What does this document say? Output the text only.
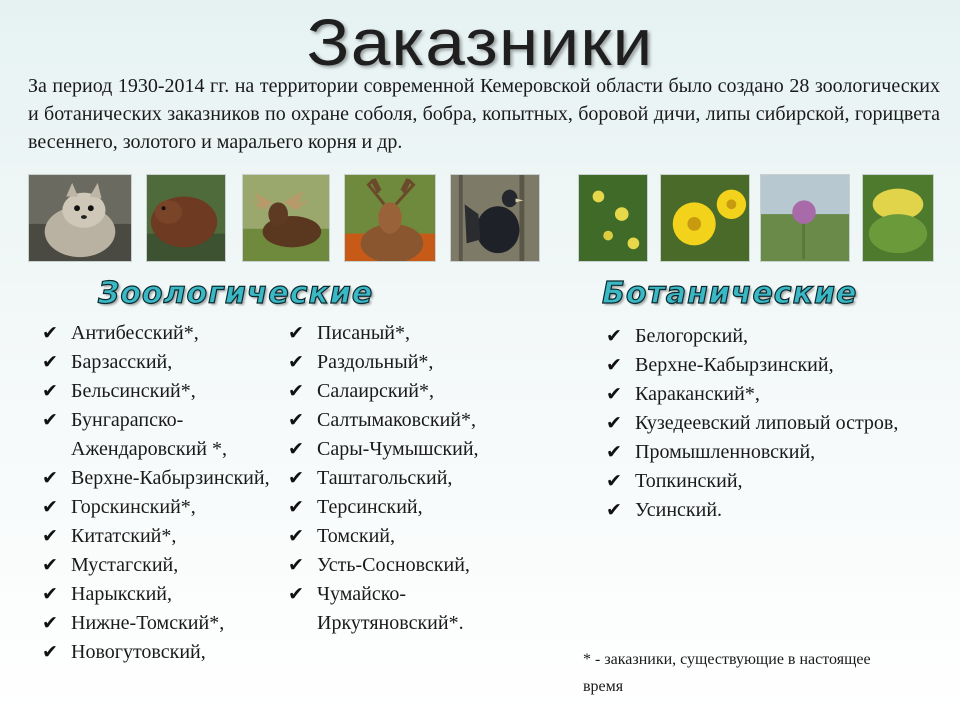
Заказники
За период 1930-2014 гг. на территории современной Кемеровской области было создано 28 зоологических и ботанических заказников по охране соболя, бобра, копытных, боровой дичи, липы сибирской, горицвета весеннего, золотого и маральего корня и др.
Зоологические	Ботанические
✔ Антибесский*,
✔ Барзасский,
✔ Бельсинский*,
✔ Бунгарапско-Ажендаровский *,
✔ Верхне-Кабырзинский,
✔ Горскинский*,
✔ Китатский*,
✔ Мустагский,
✔ Нарыкский,
✔ Нижне-Томский*,
✔ Новогутовский,
✔ Писаный*,
✔ Раздольный*,
✔ Салаирский*,
✔ Салтымаковский*,
✔ Сары-Чумышский,
✔ Таштагольский,
✔ Терсинский,
✔ Томский,
✔ Усть-Сосновский,
✔ Чумайско-Иркутяновский*.
✔ Белогорский,
✔ Верхне-Кабырзинский,
✔ Караканский*,
✔ Кузедеевский липовый остров,
✔ Промышленновский,
✔ Топкинский,
✔ Усинский.
* - заказники, существующие в настоящее время
